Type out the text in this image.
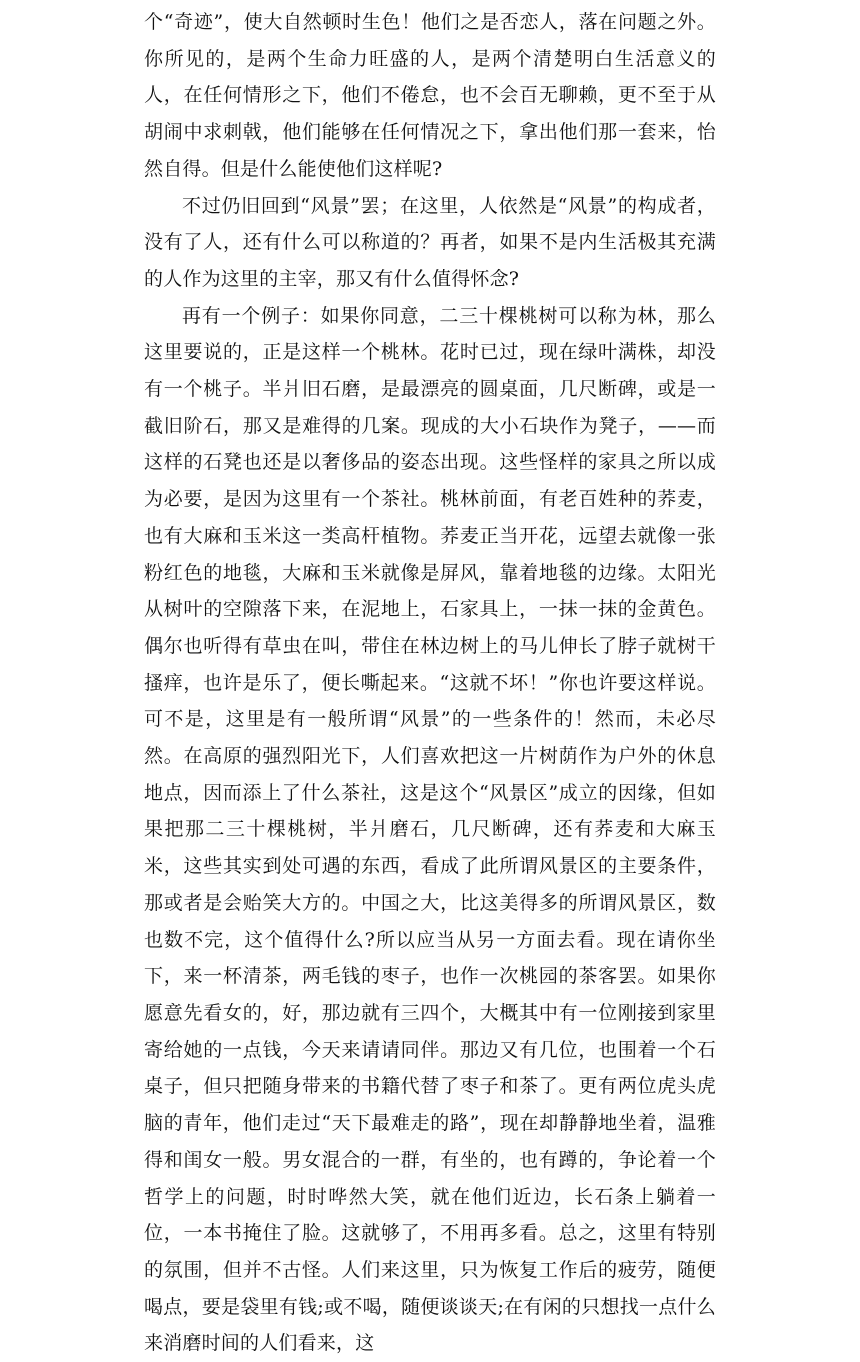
个“奇迹”，使大自然顿时生色！他们之是否恋人，落在问题之外。你所见的，是两个生命力旺盛的人，是两个清楚明白生活意义的人，在任何情形之下，他们不倦怠，也不会百无聊赖，更不至于从胡闹中求刺戟，他们能够在任何情况之下，拿出他们那一套来，怡然自得。但是什么能使他们这样呢?

不过仍旧回到“风景”罢；在这里，人依然是“风景”的构成者，没有了人，还有什么可以称道的？再者，如果不是内生活极其充满的人作为这里的主宰，那又有什么值得怀念?

再有一个例子：如果你同意，二三十棵桃树可以称为林，那么这里要说的，正是这样一个桃林。花时已过，现在绿叶满株，却没有一个桃子。半爿旧石磨，是最漂亮的圆桌面，几尺断碑，或是一截旧阶石，那又是难得的几案。现成的大小石块作为凳子，——而这样的石凳也还是以奢侈品的姿态出现。这些怪样的家具之所以成为必要，是因为这里有一个茶社。桃林前面，有老百姓种的荞麦，也有大麻和玉米这一类高杆植物。荞麦正当开花，远望去就像一张粉红色的地毯，大麻和玉米就像是屏风，靠着地毯的边缘。太阳光从树叶的空隙落下来，在泥地上，石家具上，一抹一抹的金黄色。偶尔也听得有草虫在叫，带住在林边树上的马儿伸长了脖子就树干搔痒，也许是乐了，便长嘶起来。“这就不坏！”你也许要这样说。可不是，这里是有一般所谓“风景”的一些条件的！然而，未必尽然。在高原的强烈阳光下，人们喜欢把这一片树荫作为户外的休息地点，因而添上了什么茶社，这是这个“风景区”成立的因缘，但如果把那二三十棵桃树，半爿磨石，几尺断碑，还有荞麦和大麻玉米，这些其实到处可遇的东西，看成了此所谓风景区的主要条件，那或者是会贻笑大方的。中国之大，比这美得多的所谓风景区，数也数不完，这个值得什么?所以应当从另一方面去看。现在请你坐下，来一杯清茶，两毛钱的枣子，也作一次桃园的茶客罢。如果你愿意先看女的，好，那边就有三四个，大概其中有一位刚接到家里寄给她的一点钱，今天来请请同伴。那边又有几位，也围着一个石桌子，但只把随身带来的书籍代替了枣子和茶了。更有两位虎头虎脑的青年，他们走过“天下最难走的路”，现在却静静地坐着，温雅得和闺女一般。男女混合的一群，有坐的，也有蹲的，争论着一个哲学上的问题，时时哗然大笑，就在他们近边，长石条上躺着一位，一本书掩住了脸。这就够了，不用再多看。总之，这里有特别的氛围，但并不古怪。人们来这里，只为恢复工作后的疲劳，随便喝点，要是袋里有钱;或不喝，随便谈谈天;在有闲的只想找一点什么来消磨时间的人们看来，这
